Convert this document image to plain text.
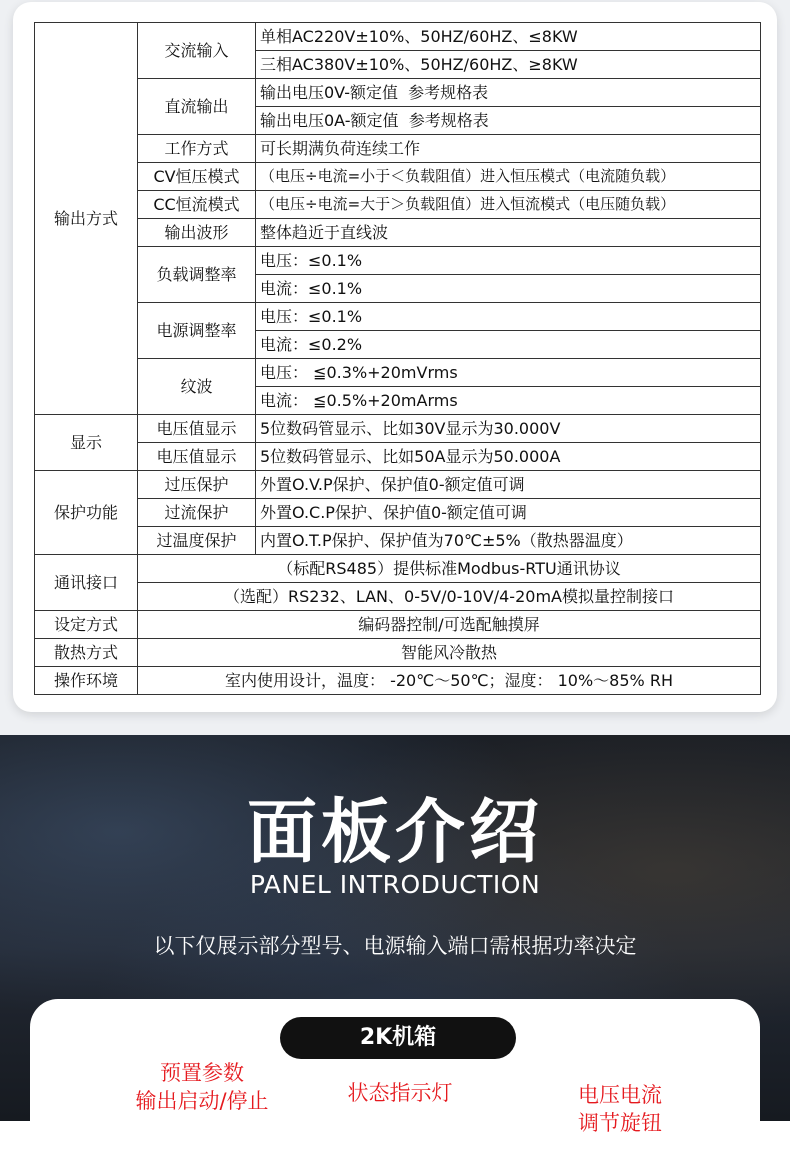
输出方式	交流输入	单相AC220V±10%、50HZ/60HZ、≤8KW
		三相AC380V±10%、50HZ/60HZ、≥8KW
	直流输出	输出电压0V-额定值  参考规格表
		输出电压0A-额定值  参考规格表
	工作方式	可长期满负荷连续工作
	CV恒压模式	（电压÷电流=小于＜负载阻值）进入恒压模式（电流随负载）
	CC恒流模式	（电压÷电流=大于＞负载阻值）进入恒流模式（电压随负载）
	输出波形	整体趋近于直线波
	负载调整率	电压：≤0.1%
		电流：≤0.1%
	电源调整率	电压：≤0.1%
		电流：≤0.2%
	纹波	电压： ≦0.3%+20mVrms
		电流： ≦0.5%+20mArms
显示	电压值显示	5位数码管显示、比如30V显示为30.000V
	电压值显示	5位数码管显示、比如50A显示为50.000A
保护功能	过压保护	外置O.V.P保护、保护值0-额定值可调
	过流保护	外置O.C.P保护、保护值0-额定值可调
	过温度保护	内置O.T.P保护、保护值为70℃±5%（散热器温度）
通讯接口	（标配RS485）提供标准Modbus-RTU通讯协议	
	（选配）RS232、LAN、0-5V/0-10V/4-20mA模拟量控制接口	
设定方式	编码器控制/可选配触摸屏	
散热方式	智能风冷散热	
操作环境	室内使用设计，温度： -20℃～50℃；湿度： 10%～85% RH	
面板介绍
PANEL INTRODUCTION
以下仅展示部分型号、电源输入端口需根据功率决定
2K机箱
预置参数
输出启动/停止	状态指示灯	电压电流
调节旋钮
